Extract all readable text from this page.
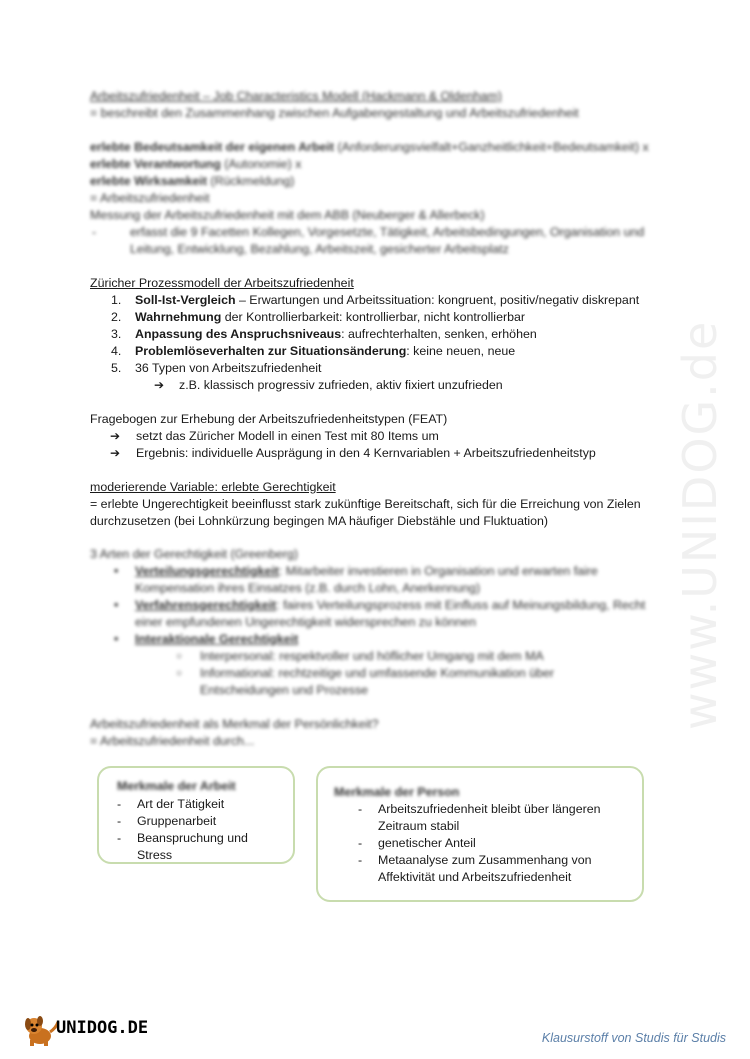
www.UNIDOG.de
Arbeitszufriedenheit – Job Characteristics Modell (Hackmann & Oldenham)
= beschreibt den Zusammenhang zwischen Aufgabengestaltung und Arbeitszufriedenheit
erlebte Bedeutsamkeit der eigenen Arbeit (Anforderungsvielfalt+Ganzheitlichkeit+Bedeutsamkeit) x
erlebte Verantwortung (Autonomie) x
erlebte Wirksamkeit (Rückmeldung)
= Arbeitszufriedenheit
Messung der Arbeitszufriedenheit mit dem ABB (Neuberger & Allerbeck)
- erfasst die 9 Facetten Kollegen, Vorgesetzte, Tätigkeit, Arbeitsbedingungen, Organisation und
Leitung, Entwicklung, Bezahlung, Arbeitszeit, gesicherter Arbeitsplatz
Züricher Prozessmodell der Arbeitszufriedenheit
1. Soll-Ist-Vergleich – Erwartungen und Arbeitssituation: kongruent, positiv/negativ diskrepant
2. Wahrnehmung der Kontrollierbarkeit: kontrollierbar, nicht kontrollierbar
3. Anpassung des Anspruchsniveaus: aufrechterhalten, senken, erhöhen
4. Problemlöseverhalten zur Situationsänderung: keine neuen, neue
5. 36 Typen von Arbeitszufriedenheit
➔ z.B. klassisch progressiv zufrieden, aktiv fixiert unzufrieden
Fragebogen zur Erhebung der Arbeitszufriedenheitstypen (FEAT)
➔ setzt das Züricher Modell in einen Test mit 80 Items um
➔ Ergebnis: individuelle Ausprägung in den 4 Kernvariablen + Arbeitszufriedenheitstyp
moderierende Variable: erlebte Gerechtigkeit
= erlebte Ungerechtigkeit beeinflusst stark zukünftige Bereitschaft, sich für die Erreichung von Zielen
durchzusetzen (bei Lohnkürzung begingen MA häufiger Diebstähle und Fluktuation)
3 Arten der Gerechtigkeit (Greenberg)
• Verteilungsgerechtigkeit: Mitarbeiter investieren in Organisation und erwarten faire
Kompensation ihres Einsatzes (z.B. durch Lohn, Anerkennung)
• Verfahrensgerechtigkeit: faires Verteilungsprozess mit Einfluss auf Meinungsbildung, Recht
einer empfundenen Ungerechtigkeit widersprechen zu können
• Interaktionale Gerechtigkeit
○ Interpersonal: respektvoller und höflicher Umgang mit dem MA
○ Informational: rechtzeitige und umfassende Kommunikation über
Entscheidungen und Prozesse
Arbeitszufriedenheit als Merkmal der Persönlichkeit?
= Arbeitszufriedenheit durch...
Merkmale der Arbeit
- Art der Tätigkeit
- Gruppenarbeit
- Beanspruchung und Stress
Merkmale der Person
- Arbeitszufriedenheit bleibt über längeren Zeitraum stabil
- genetischer Anteil
- Metaanalyse zum Zusammenhang von Affektivität und Arbeitszufriedenheit
UNIDOG.DE	Klausurstoff von Studis für Studis
